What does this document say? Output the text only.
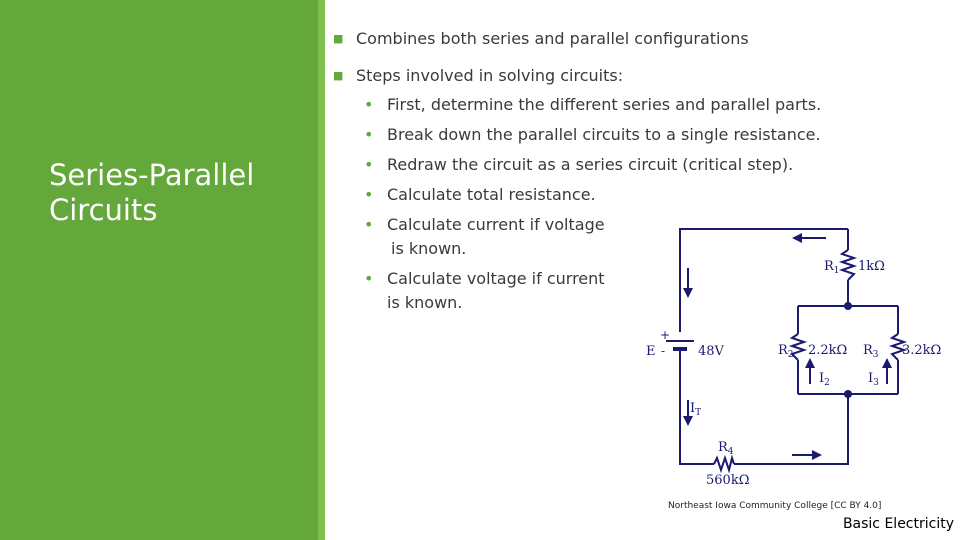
Series-Parallel
Circuits
■ Combines both series and parallel configurations
■ Steps involved in solving circuits:
• First, determine the different series and parallel parts.
• Break down the parallel circuits to a single resistance.
• Redraw the circuit as a series circuit (critical step).
• Calculate total resistance.
• Calculate current if voltage
is known.
• Calculate voltage if current
is known.
$R_1$ 1kΩ
$R_2$ 2.2kΩ $R_3$ 3.2kΩ
$R_4$
560kΩ
E	48V
+
-
$I_2$	$I_3$
$I_T$
Northeast Iowa Community College [CC BY 4.0]
Basic Electricity
